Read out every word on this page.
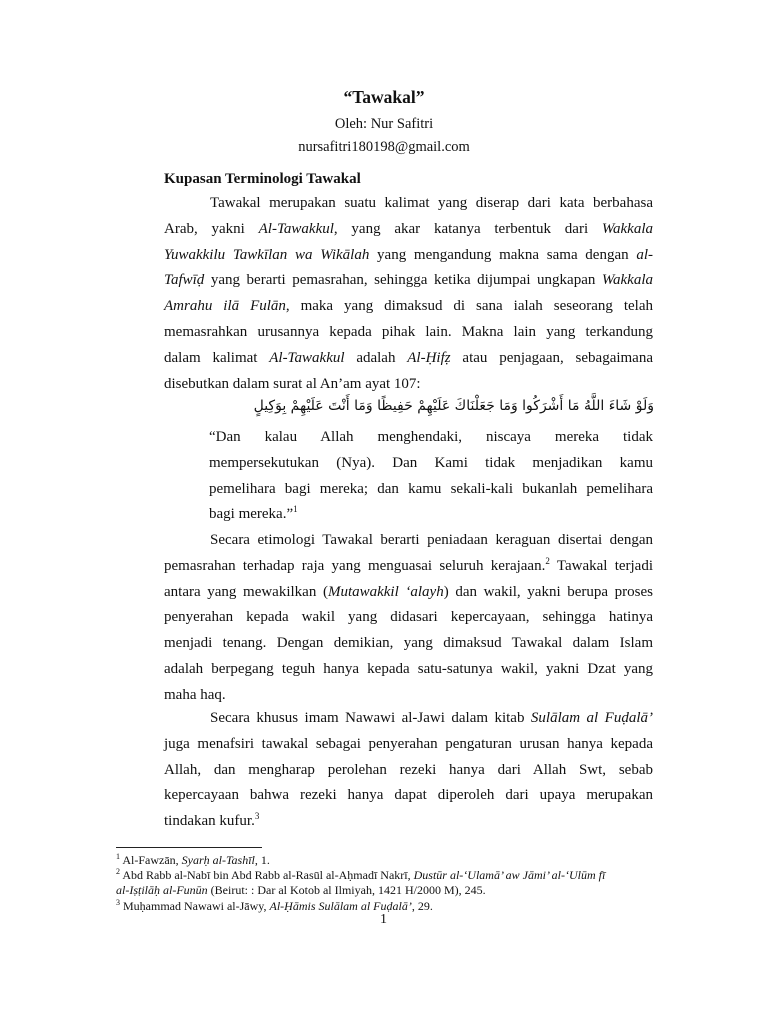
“Tawakal”
Oleh: Nur Safitri
nursafitri180198@gmail.com
Kupasan Terminologi Tawakal
Tawakal merupakan suatu kalimat yang diserap dari kata berbahasa
Arab, yakni Al-Tawakkul, yang akar katanya terbentuk dari Wakkala
Yuwakkilu Tawkīlan wa Wikālah yang mengandung makna sama dengan al-
Tafwīḍ yang berarti pemasrahan, sehingga ketika dijumpai ungkapan Wakkala
Amrahu ilā Fulān, maka yang dimaksud di sana ialah seseorang telah
memasrahkan urusannya kepada pihak lain. Makna lain yang terkandung
dalam kalimat Al-Tawakkul adalah Al-Ḥifẓ atau penjagaan, sebagaimana
disebutkan dalam surat al An’am ayat 107:
وَلَوْ شَاءَ اللَّهُ مَا أَشْرَكُوا وَمَا جَعَلْنَاكَ عَلَيْهِمْ حَفِيظًا وَمَا أَنْتَ عَلَيْهِمْ بِوَكِيلٍ
“Dan kalau Allah menghendaki, niscaya mereka tidak
mempersekutukan (Nya). Dan Kami tidak menjadikan kamu
pemelihara bagi mereka; dan kamu sekali-kali bukanlah pemelihara
bagi mereka.”$^1$
Secara etimologi Tawakal berarti peniadaan keraguan disertai dengan
pemasrahan terhadap raja yang menguasai seluruh kerajaan.$^2$ Tawakal terjadi
antara yang mewakilkan (Mutawakkil ‘alayh) dan wakil, yakni berupa proses
penyerahan kepada wakil yang didasari kepercayaan, sehingga hatinya
menjadi tenang. Dengan demikian, yang dimaksud Tawakal dalam Islam
adalah berpegang teguh hanya kepada satu-satunya wakil, yakni Dzat yang
maha haq.
Secara khusus imam Nawawi al-Jawi dalam kitab Sulālam al Fuḍalā’
juga menafsiri tawakal sebagai penyerahan pengaturan urusan hanya kepada
Allah, dan mengharap perolehan rezeki hanya dari Allah Swt, sebab
kepercayaan bahwa rezeki hanya dapat diperoleh dari upaya merupakan
tindakan kufur.$^3$
$^1$ Al-Fawzān, Syarḥ al-Tashīl, 1.
$^2$ Abd Rabb al-Nabī bin Abd Rabb al-Rasūl al-Aḥmadī Nakrī, Dustūr al-‘Ulamā’ aw Jāmi’ al-‘Ulūm fī
al-Iṣṭilāḥ al-Funūn (Beirut: : Dar al Kotob al Ilmiyah, 1421 H/2000 M), 245.
$^3$ Muḥammad Nawawi al-Jāwy, Al-Ḥāmis Sulālam al Fuḍalā’, 29.
1
